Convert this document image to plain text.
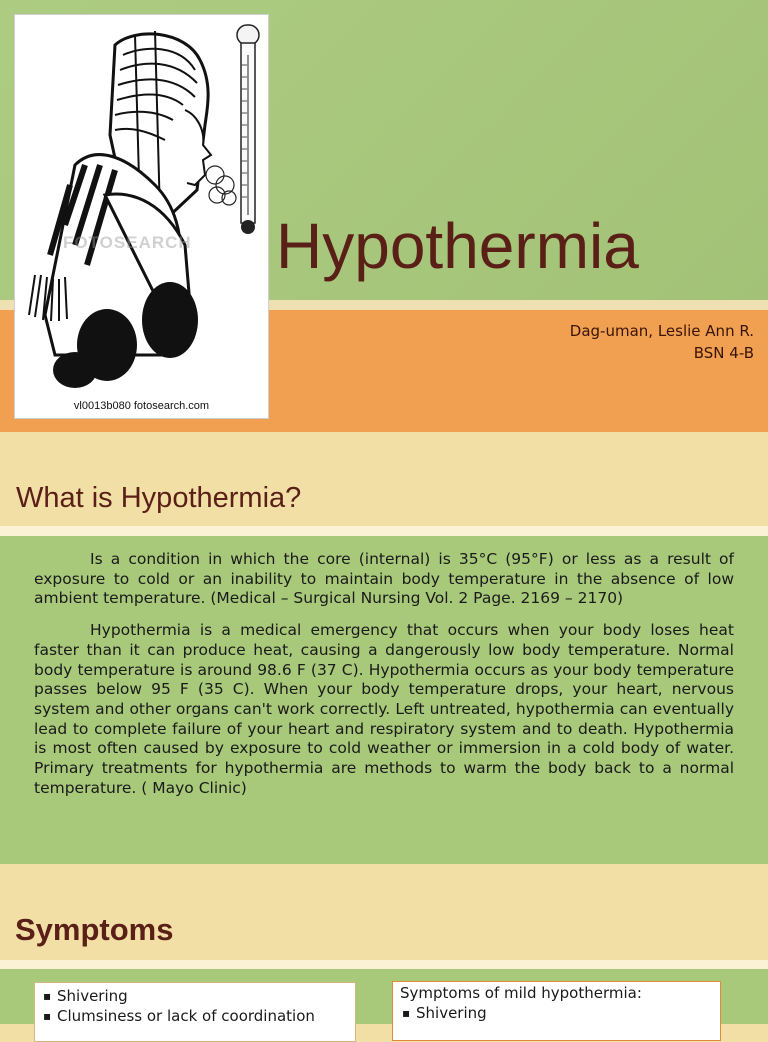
FOTOSEARCH
vl0013b080 fotosearch.com
Hypothermia
Dag-uman, Leslie Ann R.
BSN 4-B
What is Hypothermia?

Is a condition in which the core (internal) is 35°C (95°F) or less as a result of exposure to cold or an inability to maintain body temperature in the absence of low ambient temperature. (Medical – Surgical Nursing Vol. 2 Page. 2169 – 2170)

Hypothermia is a medical emergency that occurs when your body loses heat faster than it can produce heat, causing a dangerously low body temperature. Normal body temperature is around 98.6 F (37 C). Hypothermia occurs as your body temperature passes below 95 F (35 C). When your body temperature drops, your heart, nervous system and other organs can't work correctly. Left untreated, hypothermia can eventually lead to complete failure of your heart and respiratory system and to death. Hypothermia is most often caused by exposure to cold weather or immersion in a cold body of water. Primary treatments for hypothermia are methods to warm the body back to a normal temperature. ( Mayo Clinic)

Symptoms
▪ Shivering
▪ Clumsiness or lack of coordination
Symptoms of mild hypothermia:
▪ Shivering
